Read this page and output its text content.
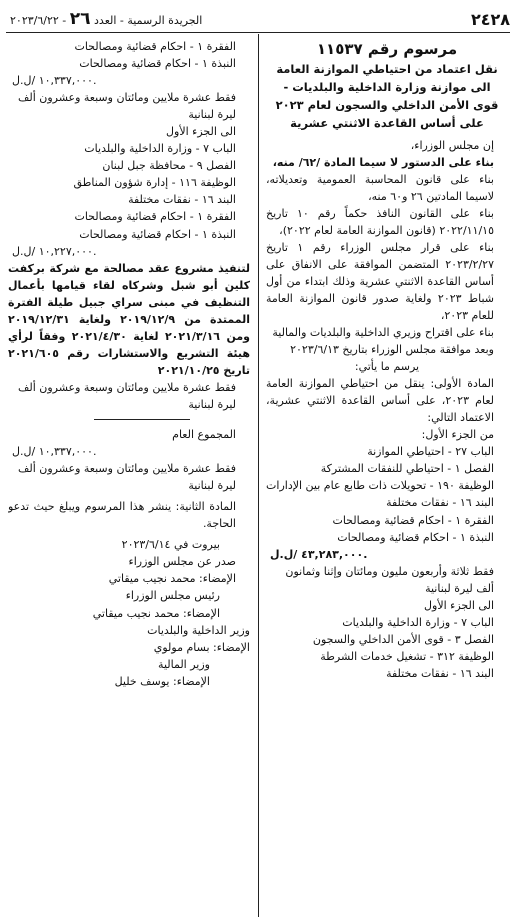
٢٤٢٨
الجريدة الرسمية - العدد ٢٦ - ٢٠٢٣/٦/٢٢

مرسوم رقم ١١٥٣٧

نقل اعتماد من احتياطي الموازنة العامة

الى موازنة وزارة الداخلية والبلديات -

قوى الأمن الداخلي والسجون لعام ٢٠٢٣

على أساس القاعدة الاثنتي عشرية

إن مجلس الوزراء،

بناء على الدستور لا سيما المادة /٦٢/ منه،

بناء على قانون المحاسبة العمومية وتعديلاته، لاسيما المادتين ٢٦ و٦٠ منه،

بناء على القانون النافذ حكماً رقم ١٠ تاريخ ٢٠٢٢/١١/١٥ (قانون الموازنة العامة لعام ٢٠٢٢)،

بناء على قرار مجلس الوزراء رقم ١ تاريخ ٢٠٢٣/٢/٢٧ المتضمن الموافقة على الانفاق على أساس القاعدة الاثنتي عشرية وذلك ابتداء من أول شباط ٢٠٢٣ ولغاية صدور قانون الموازنة العامة للعام ٢٠٢٣،

بناء على اقتراح وزيري الداخلية والبلديات والمالية

وبعد موافقة مجلس الوزراء بتاريخ ٢٠٢٣/٦/١٣

يرسم ما يأتي:

المادة الأولى: ينقل من احتياطي الموازنة العامة لعام ٢٠٢٣، على أساس القاعدة الاثنتي عشرية، الاعتماد التالي:

من الجزء الأول:

الباب ٢٧ - احتياطي الموازنة

الفصل ١ - احتياطي للنفقات المشتركة

الوظيفة ١٩٠ - تحويلات ذات طابع عام بين الإدارات

البند ١٦ - نفقات مختلفة

الفقرة ١ - احكام قضائية ومصالحات

النبذة ١ - احكام قضائية ومصالحات

٤٣,٢٨٣,٠٠٠ /ل.ل.

فقط ثلاثة وأربعون مليون ومائتان وإثنا وثمانون ألف ليرة لبنانية

الى الجزء الأول

الباب ٧ - وزارة الداخلية والبلديات

الفصل ٣ - قوى الأمن الداخلي والسجون

الوظيفة ٣١٢ - تشغيل خدمات الشرطة

البند ١٦ - نفقات مختلفة

الفقرة ١ - احكام قضائية ومصالحات

النبذة ١ - احكام قضائية ومصالحات

١٠,٣٣٧,٠٠٠ /ل.ل.

فقط عشرة ملايين ومائتان وسبعة وعشرون ألف ليرة لبنانية

الى الجزء الأول

الباب ٧ - وزارة الداخلية والبلديات

الفصل ٩ - محافظة جبل لبنان

الوظيفة ١١٦ - إدارة شؤون المناطق

البند ١٦ - نفقات مختلفة

الفقرة ١ - احكام قضائية ومصالحات

النبذة ١ - احكام قضائية ومصالحات

١٠,٢٢٧,٠٠٠ /ل.ل.

لتنفيذ مشروع عقد مصالحة مع شركة بركفت كلين أبو شبل وشركاه لقاء قيامها بأعمال التنظيف في مبنى سراي جبيل طيلة الفترة الممتدة من ٢٠١٩/١٢/٩ ولغاية ٢٠١٩/١٢/٣١ ومن ٢٠٢١/٣/١٦ لغاية ٢٠٢١/٤/٣٠ وفقاً لرأي هيئة التشريع والاستشارات رقم ٢٠٢١/٦٠٥ تاريخ ٢٠٢١/١٠/٢٥

فقط عشرة ملايين ومائتان وسبعة وعشرون ألف ليرة لبنانية

المجموع العام

١٠,٣٣٧,٠٠٠ /ل.ل.

فقط عشرة ملايين ومائتان وسبعة وعشرون ألف ليرة لبنانية

المادة الثانية: ينشر هذا المرسوم ويبلغ حيث تدعو الحاجة.

بيروت في ٢٠٢٣/٦/١٤

صدر عن مجلس الوزراء

الإمضاء: محمد نجيب ميقاتي

رئيس مجلس الوزراء

الإمضاء: محمد نجيب ميقاتي

وزير الداخلية والبلديات

الإمضاء: بسام مولوي

وزير المالية

الإمضاء: يوسف خليل
